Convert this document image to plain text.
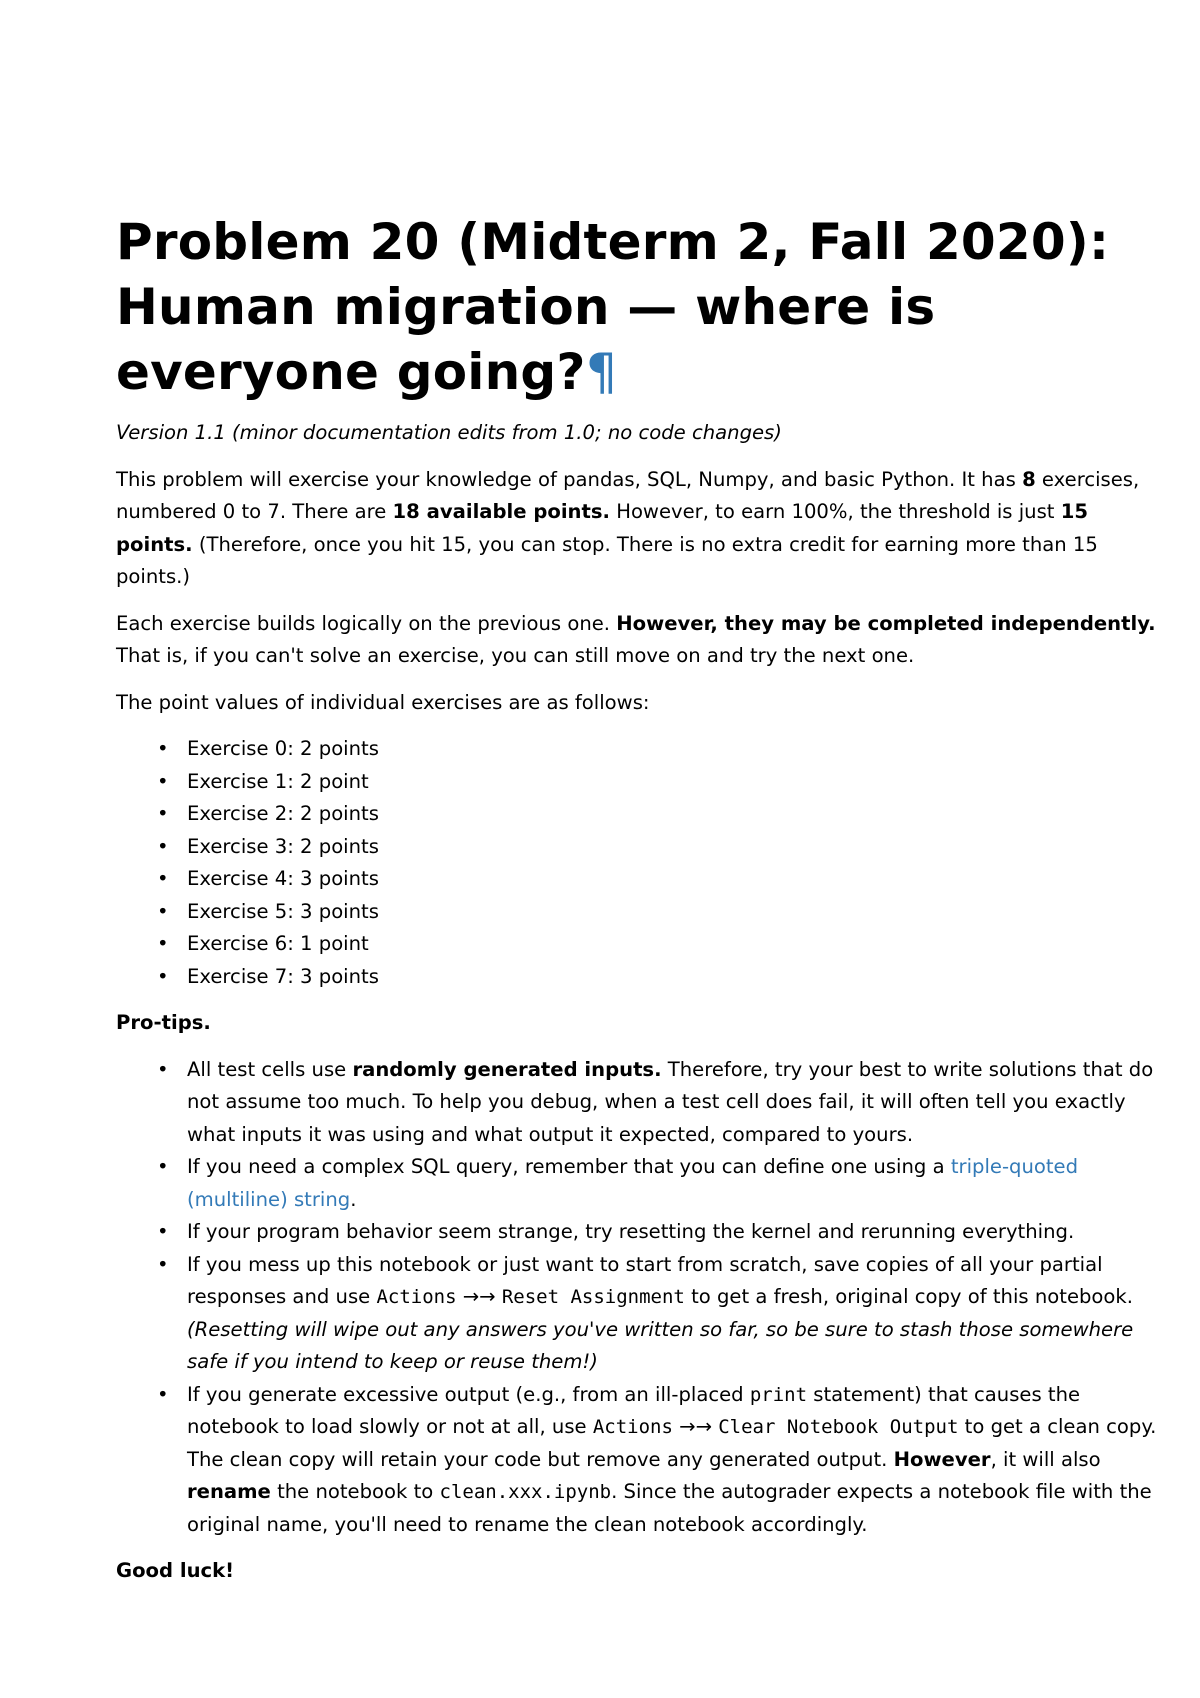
Problem 20 (Midterm 2, Fall 2020):
Human migration — where is
everyone going?¶

Version 1.1 (minor documentation edits from 1.0; no code changes)

This problem will exercise your knowledge of pandas, SQL, Numpy, and basic Python. It has 8 exercises, numbered 0 to 7. There are 18 available points. However, to earn 100%, the threshold is just 15 points. (Therefore, once you hit 15, you can stop. There is no extra credit for earning more than 15 points.)

Each exercise builds logically on the previous one. However, they may be completed independently. That is, if you can't solve an exercise, you can still move on and try the next one.

The point values of individual exercises are as follows:

• Exercise 0: 2 points
• Exercise 1: 2 point
• Exercise 2: 2 points
• Exercise 3: 2 points
• Exercise 4: 3 points
• Exercise 5: 3 points
• Exercise 6: 1 point
• Exercise 7: 3 points

Pro-tips.

• All test cells use randomly generated inputs. Therefore, try your best to write solutions that do not assume too much. To help you debug, when a test cell does fail, it will often tell you exactly what inputs it was using and what output it expected, compared to yours.
• If you need a complex SQL query, remember that you can define one using a triple-quoted (multiline) string.
• If your program behavior seem strange, try resetting the kernel and rerunning everything.
• If you mess up this notebook or just want to start from scratch, save copies of all your partial responses and use Actions →→ Reset Assignment to get a fresh, original copy of this notebook. (Resetting will wipe out any answers you've written so far, so be sure to stash those somewhere safe if you intend to keep or reuse them!)
• If you generate excessive output (e.g., from an ill-placed print statement) that causes the notebook to load slowly or not at all, use Actions →→ Clear Notebook Output to get a clean copy. The clean copy will retain your code but remove any generated output. However, it will also rename the notebook to clean.xxx.ipynb. Since the autograder expects a notebook file with the original name, you'll need to rename the clean notebook accordingly.

Good luck!
